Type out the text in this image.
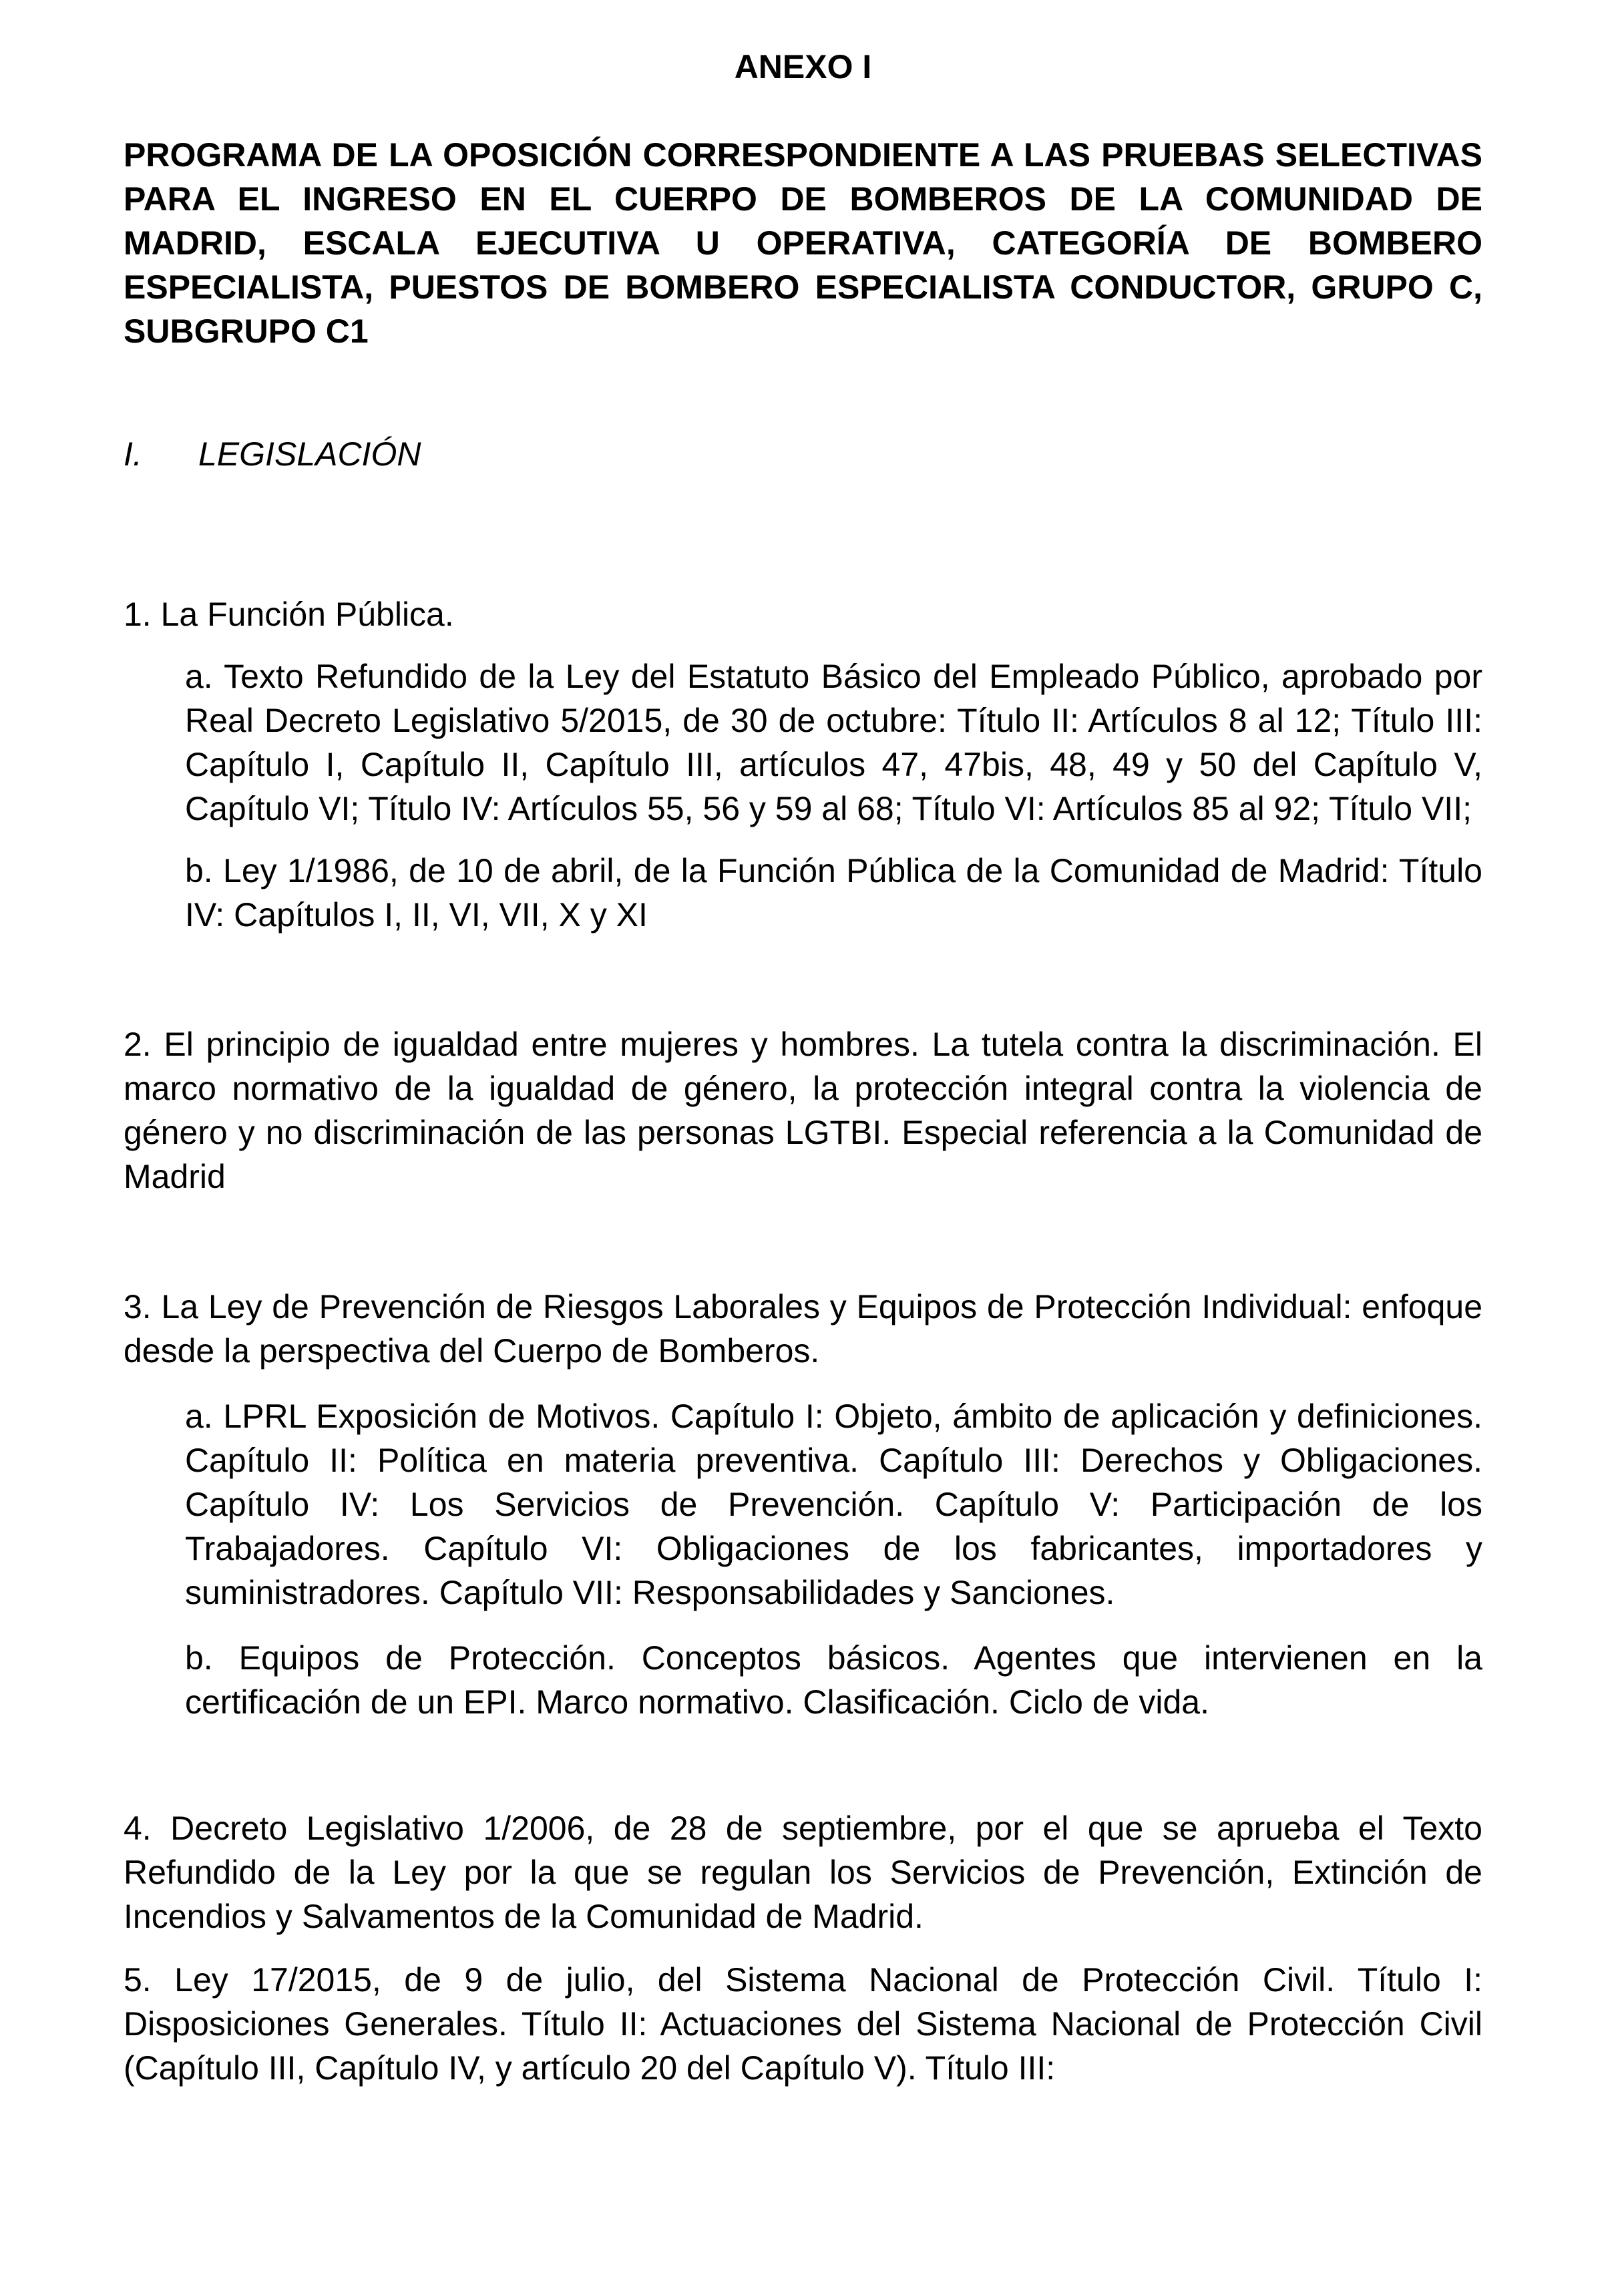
ANEXO I

PROGRAMA DE LA OPOSICIÓN CORRESPONDIENTE A LAS PRUEBAS SELECTIVAS PARA EL INGRESO EN EL CUERPO DE BOMBEROS DE LA COMUNIDAD DE MADRID, ESCALA EJECUTIVA U OPERATIVA, CATEGORÍA DE BOMBERO ESPECIALISTA, PUESTOS DE BOMBERO ESPECIALISTA CONDUCTOR, GRUPO C, SUBGRUPO C1

I. LEGISLACIÓN

1. La Función Pública.

a. Texto Refundido de la Ley del Estatuto Básico del Empleado Público, aprobado por Real Decreto Legislativo 5/2015, de 30 de octubre: Título II: Artículos 8 al 12; Título III: Capítulo I, Capítulo II, Capítulo III, artículos 47, 47bis, 48, 49 y 50 del Capítulo V, Capítulo VI; Título IV: Artículos 55, 56 y 59 al 68; Título VI: Artículos 85 al 92; Título VII;

b. Ley 1/1986, de 10 de abril, de la Función Pública de la Comunidad de Madrid: Título IV: Capítulos I, II, VI, VII, X y XI

2. El principio de igualdad entre mujeres y hombres. La tutela contra la discriminación. El marco normativo de la igualdad de género, la protección integral contra la violencia de género y no discriminación de las personas LGTBI. Especial referencia a la Comunidad de Madrid

3. La Ley de Prevención de Riesgos Laborales y Equipos de Protección Individual: enfoque desde la perspectiva del Cuerpo de Bomberos.

a. LPRL Exposición de Motivos. Capítulo I: Objeto, ámbito de aplicación y definiciones. Capítulo II: Política en materia preventiva. Capítulo III: Derechos y Obligaciones. Capítulo IV: Los Servicios de Prevención. Capítulo V: Participación de los Trabajadores. Capítulo VI: Obligaciones de los fabricantes, importadores y suministradores. Capítulo VII: Responsabilidades y Sanciones.

b. Equipos de Protección. Conceptos básicos. Agentes que intervienen en la certificación de un EPI. Marco normativo. Clasificación. Ciclo de vida.

4. Decreto Legislativo 1/2006, de 28 de septiembre, por el que se aprueba el Texto Refundido de la Ley por la que se regulan los Servicios de Prevención, Extinción de Incendios y Salvamentos de la Comunidad de Madrid.

5. Ley 17/2015, de 9 de julio, del Sistema Nacional de Protección Civil. Título I: Disposiciones Generales. Título II: Actuaciones del Sistema Nacional de Protección Civil (Capítulo III, Capítulo IV, y artículo 20 del Capítulo V). Título III:
